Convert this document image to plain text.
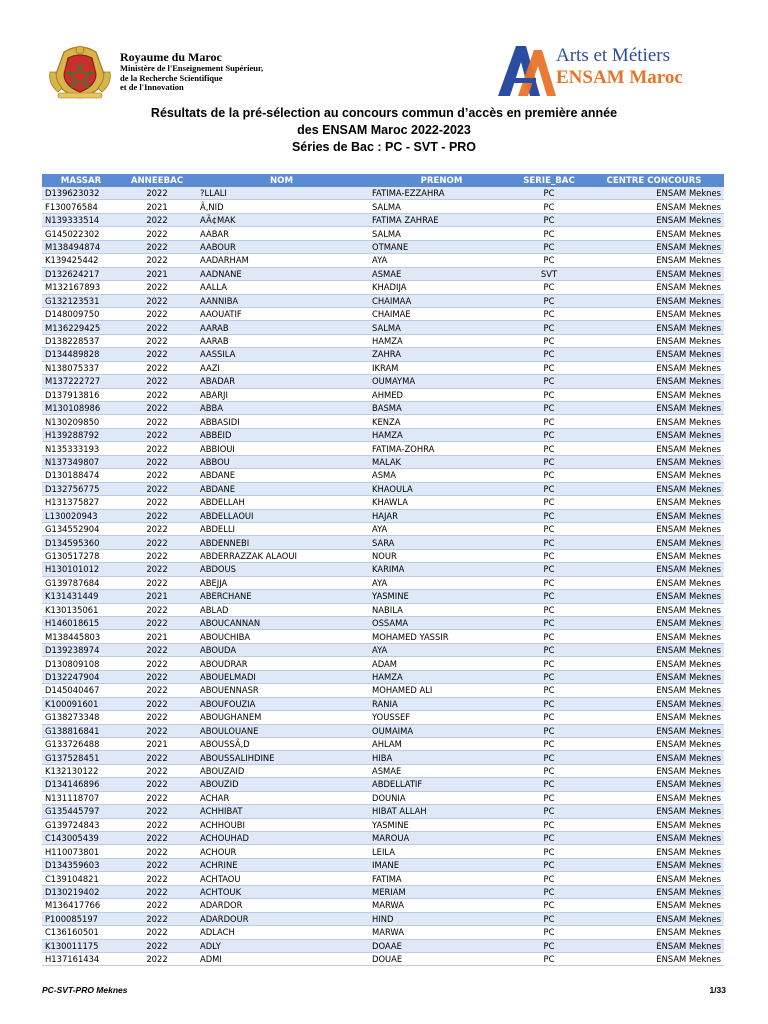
Royaume du Maroc
Ministère de l'Enseignement Supérieur,
de la Recherche Scientifique
et de l'Innovation
Arts et Métiers
ENSAM Maroc
Résultats de la pré-sélection au concours commun d’accès en première année
des ENSAM Maroc 2022-2023
Séries de Bac : PC - SVT - PRO
MASSAR	ANNEEBAC	NOM	PRENOM	SERIE_BAC	CENTRE CONCOURS
D139623032	2022	?LLALI	FATIMA-EZZAHRA	PC	ENSAM Meknes
F130076584	2021	Ã‚NID	SALMA	PC	ENSAM Meknes
N139333514	2022	AÃ¢MAK	FATIMA ZAHRAE	PC	ENSAM Meknes
G145022302	2022	AABAR	SALMA	PC	ENSAM Meknes
M138494874	2022	AABOUR	OTMANE	PC	ENSAM Meknes
K139425442	2022	AADARHAM	AYA	PC	ENSAM Meknes
D132624217	2021	AADNANE	ASMAE	SVT	ENSAM Meknes
M132167893	2022	AALLA	KHADIJA	PC	ENSAM Meknes
G132123531	2022	AANNIBA	CHAIMAA	PC	ENSAM Meknes
D148009750	2022	AAOUATIF	CHAIMAE	PC	ENSAM Meknes
M136229425	2022	AARAB	SALMA	PC	ENSAM Meknes
D138228537	2022	AARAB	HAMZA	PC	ENSAM Meknes
D134489828	2022	AASSILA	ZAHRA	PC	ENSAM Meknes
N138075337	2022	AAZI	IKRAM	PC	ENSAM Meknes
M137222727	2022	ABADAR	OUMAYMA	PC	ENSAM Meknes
D137913816	2022	ABARJI	AHMED	PC	ENSAM Meknes
M130108986	2022	ABBA	BASMA	PC	ENSAM Meknes
N130209850	2022	ABBASIDI	KENZA	PC	ENSAM Meknes
H139288792	2022	ABBEID	HAMZA	PC	ENSAM Meknes
N135333193	2022	ABBIOUI	FATIMA-ZOHRA	PC	ENSAM Meknes
N137349807	2022	ABBOU	MALAK	PC	ENSAM Meknes
D130188474	2022	ABDANE	ASMA	PC	ENSAM Meknes
D132756775	2022	ABDANE	KHAOULA	PC	ENSAM Meknes
H131375827	2022	ABDELLAH	KHAWLA	PC	ENSAM Meknes
L130020943	2022	ABDELLAOUI	HAJAR	PC	ENSAM Meknes
G134552904	2022	ABDELLI	AYA	PC	ENSAM Meknes
D134595360	2022	ABDENNEBI	SARA	PC	ENSAM Meknes
G130517278	2022	ABDERRAZZAK ALAOUI	NOUR	PC	ENSAM Meknes
H130101012	2022	ABDOUS	KARIMA	PC	ENSAM Meknes
G139787684	2022	ABEJJA	AYA	PC	ENSAM Meknes
K131431449	2021	ABERCHANE	YASMINE	PC	ENSAM Meknes
K130135061	2022	ABLAD	NABILA	PC	ENSAM Meknes
H146018615	2022	ABOUCANNAN	OSSAMA	PC	ENSAM Meknes
M138445803	2021	ABOUCHIBA	MOHAMED YASSIR	PC	ENSAM Meknes
D139238974	2022	ABOUDA	AYA	PC	ENSAM Meknes
D130809108	2022	ABOUDRAR	ADAM	PC	ENSAM Meknes
D132247904	2022	ABOUELMADI	HAMZA	PC	ENSAM Meknes
D145040467	2022	ABOUENNASR	MOHAMED ALI	PC	ENSAM Meknes
K100091601	2022	ABOUFOUZIA	RANIA	PC	ENSAM Meknes
G138273348	2022	ABOUGHANEM	YOUSSEF	PC	ENSAM Meknes
G138816841	2022	ABOULOUANE	OUMAIMA	PC	ENSAM Meknes
G133726488	2021	ABOUSSÃ‚D	AHLAM	PC	ENSAM Meknes
G137528451	2022	ABOUSSALIHDINE	HIBA	PC	ENSAM Meknes
K132130122	2022	ABOUZAID	ASMAE	PC	ENSAM Meknes
D134146896	2022	ABOUZID	ABDELLATIF	PC	ENSAM Meknes
N131118707	2022	ACHAR	DOUNIA	PC	ENSAM Meknes
G135445797	2022	ACHHIBAT	HIBAT ALLAH	PC	ENSAM Meknes
G139724843	2022	ACHHOUBI	YASMINE	PC	ENSAM Meknes
C143005439	2022	ACHOUHAD	MAROUA	PC	ENSAM Meknes
H110073801	2022	ACHOUR	LEILA	PC	ENSAM Meknes
D134359603	2022	ACHRINE	IMANE	PC	ENSAM Meknes
C139104821	2022	ACHTAOU	FATIMA	PC	ENSAM Meknes
D130219402	2022	ACHTOUK	MERIAM	PC	ENSAM Meknes
M136417766	2022	ADARDOR	MARWA	PC	ENSAM Meknes
P100085197	2022	ADARDOUR	HIND	PC	ENSAM Meknes
C136160501	2022	ADLACH	MARWA	PC	ENSAM Meknes
K130011175	2022	ADLY	DOAAE	PC	ENSAM Meknes
H137161434	2022	ADMI	DOUAE	PC	ENSAM Meknes
PC-SVT-PRO Meknes	1/33
